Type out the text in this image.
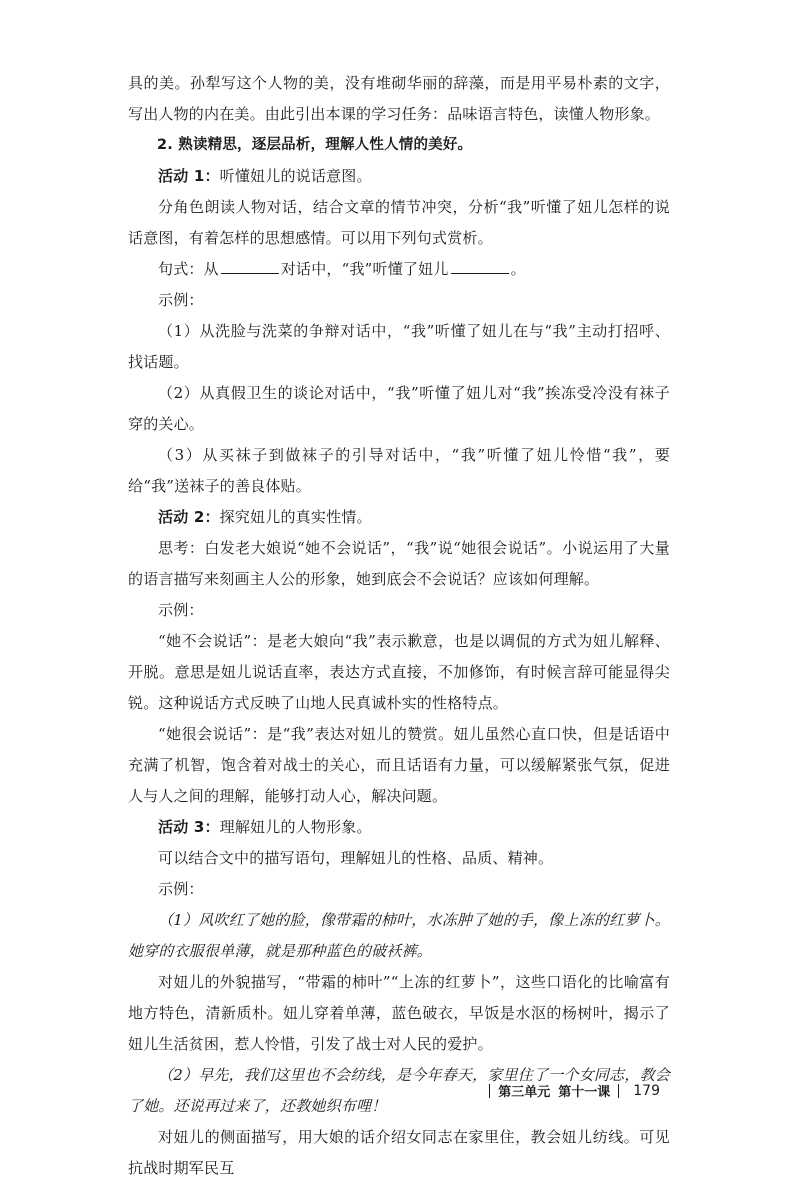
具的美。孙犁写这个人物的美，没有堆砌华丽的辞藻，而是用平易朴素的文字，写出人物的内在美。由此引出本课的学习任务：品味语言特色，读懂人物形象。

2. 熟读精思，逐层品析，理解人性人情的美好。

活动 1：听懂妞儿的说话意图。

分角色朗读人物对话，结合文章的情节冲突，分析“我”听懂了妞儿怎样的说话意图，有着怎样的思想感情。可以用下列句式赏析。

句式：从	对话中，“我”听懂了妞儿	。

示例：

（1）从洗脸与洗菜的争辩对话中，“我”听懂了妞儿在与“我”主动打招呼、找话题。

（2）从真假卫生的谈论对话中，“我”听懂了妞儿对“我”挨冻受冷没有袜子穿的关心。

（3）从买袜子到做袜子的引导对话中，“我”听懂了妞儿怜惜“我”，要给“我”送袜子的善良体贴。

活动 2：探究妞儿的真实性情。

思考：白发老大娘说“她不会说话”，“我”说“她很会说话”。小说运用了大量的语言描写来刻画主人公的形象，她到底会不会说话？应该如何理解。

示例：

“她不会说话”：是老大娘向“我”表示歉意，也是以调侃的方式为妞儿解释、开脱。意思是妞儿说话直率，表达方式直接，不加修饰，有时候言辞可能显得尖锐。这种说话方式反映了山地人民真诚朴实的性格特点。

“她很会说话”：是“我”表达对妞儿的赞赏。妞儿虽然心直口快，但是话语中充满了机智，饱含着对战士的关心，而且话语有力量，可以缓解紧张气氛，促进人与人之间的理解，能够打动人心，解决问题。

活动 3：理解妞儿的人物形象。

可以结合文中的描写语句，理解妞儿的性格、品质、精神。

示例：

（1）风吹红了她的脸，像带霜的柿叶，水冻肿了她的手，像上冻的红萝卜。她穿的衣服很单薄，就是那种蓝色的破袄裤。

对妞儿的外貌描写，“带霜的柿叶”“上冻的红萝卜”，这些口语化的比喻富有地方特色，清新质朴。妞儿穿着单薄，蓝色破衣，早饭是水沤的杨树叶，揭示了妞儿生活贫困，惹人怜惜，引发了战士对人民的爱护。

（2）早先，我们这里也不会纺线，是今年春天，家里住了一个女同志，教会了她。还说再过来了，还教她织布哩！

对妞儿的侧面描写，用大娘的话介绍女同志在家里住，教会妞儿纺线。可见抗战时期军民互

第三单元 第十一课 179
